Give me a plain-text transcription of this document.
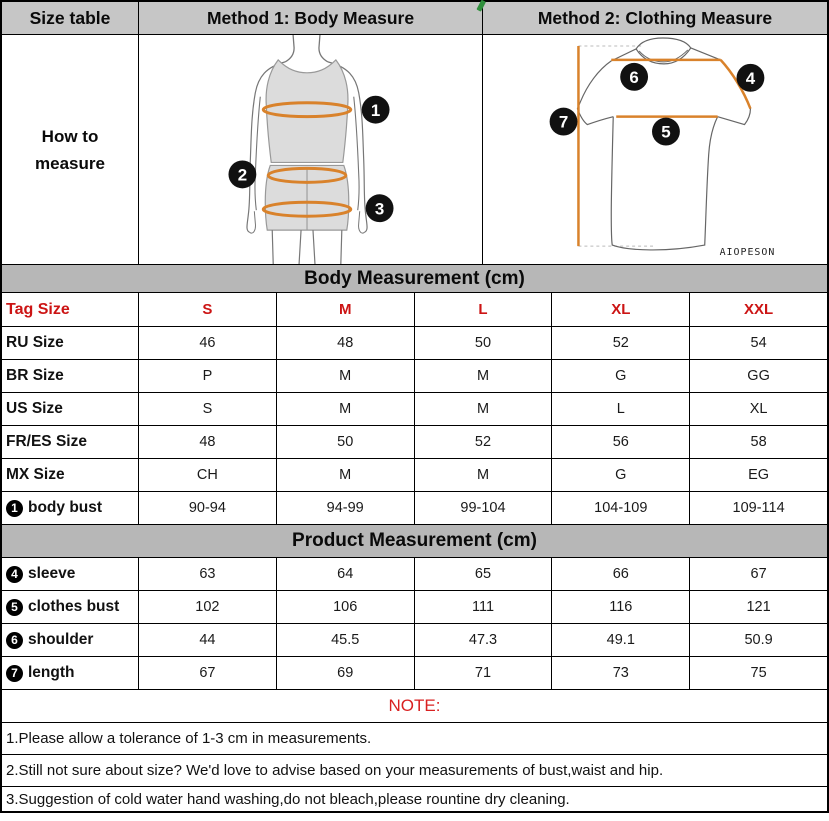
Size table	Method 1: Body Measure	Method 2: Clothing Measure
How to
measure
1
2
3
6	4
7
5
AIOPESON
Body Measurement (cm)
Tag Size	S	M	L	XL	XXL
RU Size	46	48	50	52	54
BR Size	P	M	M	G	GG
US Size	S	M	M	L	XL
FR/ES Size	48	50	52	56	58
MX Size	CH	M	M	G	EG
1 body bust	90-94	94-99	99-104	104-109	109-114
Product Measurement (cm)
4 sleeve	63	64	65	66	67
5 clothes bust	102	106	111	116	121
6 shoulder	44	45.5	47.3	49.1	50.9
7 length	67	69	71	73	75
NOTE:
1.Please allow a tolerance of 1-3 cm in measurements.
2.Still not sure about size? We'd love to advise based on your measurements of bust,waist and hip.
3.Suggestion of cold water hand washing,do not bleach,please rountine dry cleaning.
